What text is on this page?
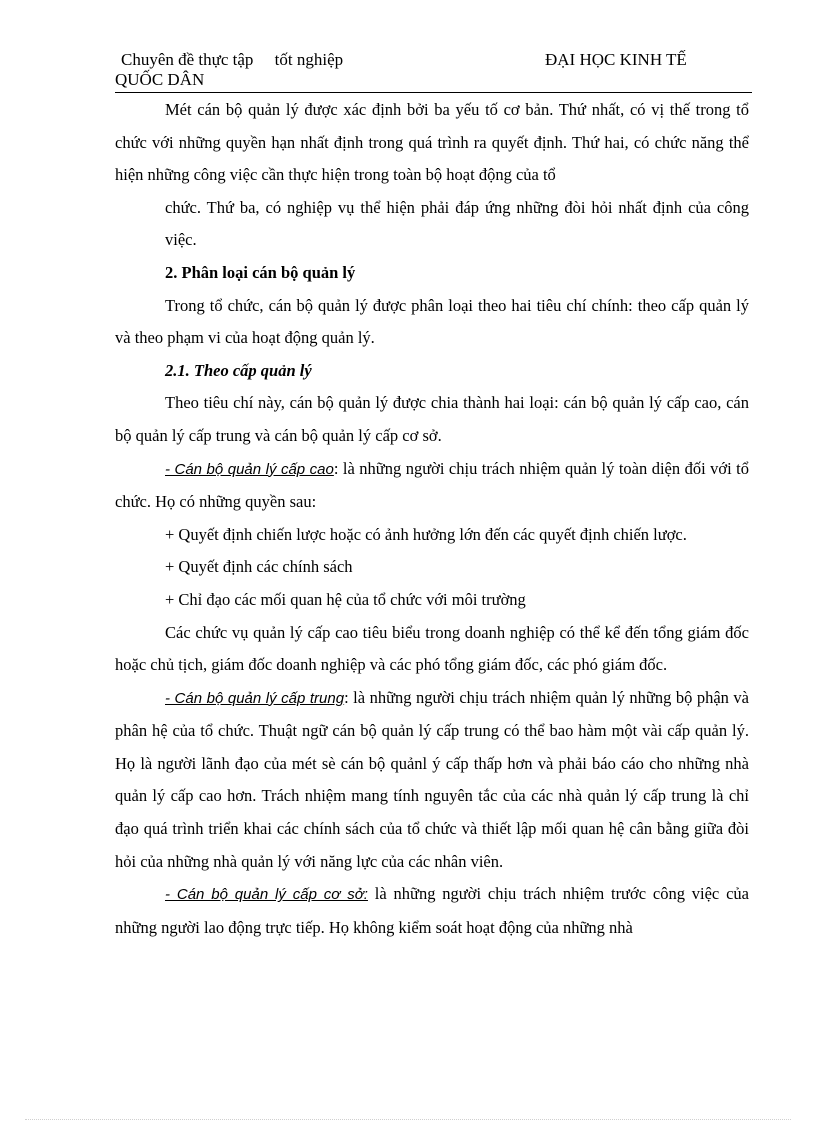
Chuyên đề thực tập     tốt nghiệp	ĐẠI HỌC KINH TẾ
QUỐC DÂN

Mét cán bộ quản lý được xác định bởi ba yếu tố cơ bản. Thứ nhất, có vị thế trong tổ chức với những quyền hạn nhất định trong quá trình ra quyết định. Thứ hai, có chức năng thể hiện những công việc cần thực hiện trong toàn bộ hoạt động của tổ

chức. Thứ ba, có nghiệp vụ thể hiện phải đáp ứng những đòi hỏi nhất định của công việc.

2. Phân loại cán bộ quản lý

Trong tổ chức, cán bộ quản lý được phân loại theo hai tiêu chí chính: theo cấp quản lý và theo phạm vi của hoạt động quản lý.

2.1. Theo cấp quản lý

Theo tiêu chí này, cán bộ quản lý được chia thành hai loại: cán bộ quản lý cấp cao, cán bộ quản lý cấp trung và cán bộ quản lý cấp cơ sở.

- Cán bộ quản lý cấp cao: là những người chịu trách nhiệm quản lý toàn diện đối với tổ chức. Họ có những quyền sau:

+ Quyết định chiến lược hoặc có ảnh hưởng lớn đến các quyết định chiến lược.

+ Quyết định các chính sách

+ Chỉ đạo các mối quan hệ của tổ chức với môi trường

Các chức vụ quản lý cấp cao tiêu biểu trong doanh nghiệp có thể kể đến tổng giám đốc hoặc chủ tịch, giám đốc doanh nghiệp và các phó tổng giám đốc, các phó giám đốc.

- Cán bộ quản lý cấp trung: là những người chịu trách nhiệm quản lý những bộ phận và phân hệ của tổ chức. Thuật ngữ cán bộ quản lý cấp trung có thể bao hàm một vài cấp quản lý. Họ là người lãnh đạo của mét sè cán bộ quảnl ý cấp thấp hơn và phải báo cáo cho những nhà quản lý cấp cao hơn. Trách nhiệm mang tính nguyên tắc của các nhà quản lý cấp trung là chỉ đạo quá trình triển khai các chính sách của tổ chức và thiết lập mối quan hệ cân bằng giữa đòi hỏi của những nhà quản lý với năng lực của các nhân viên.

- Cán bộ quản lý cấp cơ sở: là những người chịu trách nhiệm trước công việc của những người lao động trực tiếp. Họ không kiểm soát hoạt động của những nhà
